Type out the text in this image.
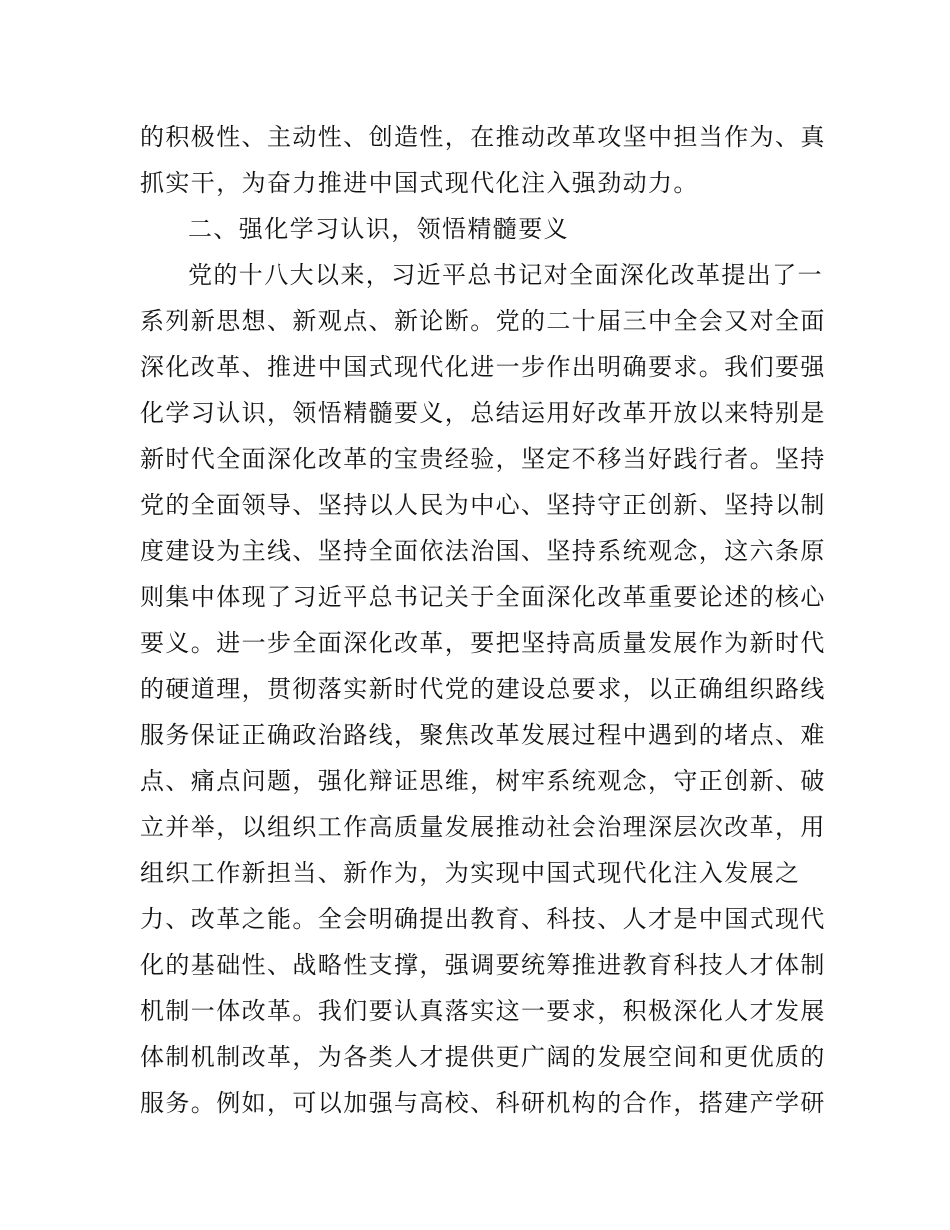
的积极性、主动性、创造性，在推动改革攻坚中担当作为、真
抓实干，为奋力推进中国式现代化注入强劲动力。
二、强化学习认识，领悟精髓要义
党的十八大以来，习近平总书记对全面深化改革提出了一
系列新思想、新观点、新论断。党的二十届三中全会又对全面
深化改革、推进中国式现代化进一步作出明确要求。我们要强
化学习认识，领悟精髓要义，总结运用好改革开放以来特别是
新时代全面深化改革的宝贵经验，坚定不移当好践行者。坚持
党的全面领导、坚持以人民为中心、坚持守正创新、坚持以制
度建设为主线、坚持全面依法治国、坚持系统观念，这六条原
则集中体现了习近平总书记关于全面深化改革重要论述的核心
要义。进一步全面深化改革，要把坚持高质量发展作为新时代
的硬道理，贯彻落实新时代党的建设总要求，以正确组织路线
服务保证正确政治路线，聚焦改革发展过程中遇到的堵点、难
点、痛点问题，强化辩证思维，树牢系统观念，守正创新、破
立并举，以组织工作高质量发展推动社会治理深层次改革，用
组织工作新担当、新作为，为实现中国式现代化注入发展之
力、改革之能。全会明确提出教育、科技、人才是中国式现代
化的基础性、战略性支撑，强调要统筹推进教育科技人才体制
机制一体改革。我们要认真落实这一要求，积极深化人才发展
体制机制改革，为各类人才提供更广阔的发展空间和更优质的
服务。例如，可以加强与高校、科研机构的合作，搭建产学研
